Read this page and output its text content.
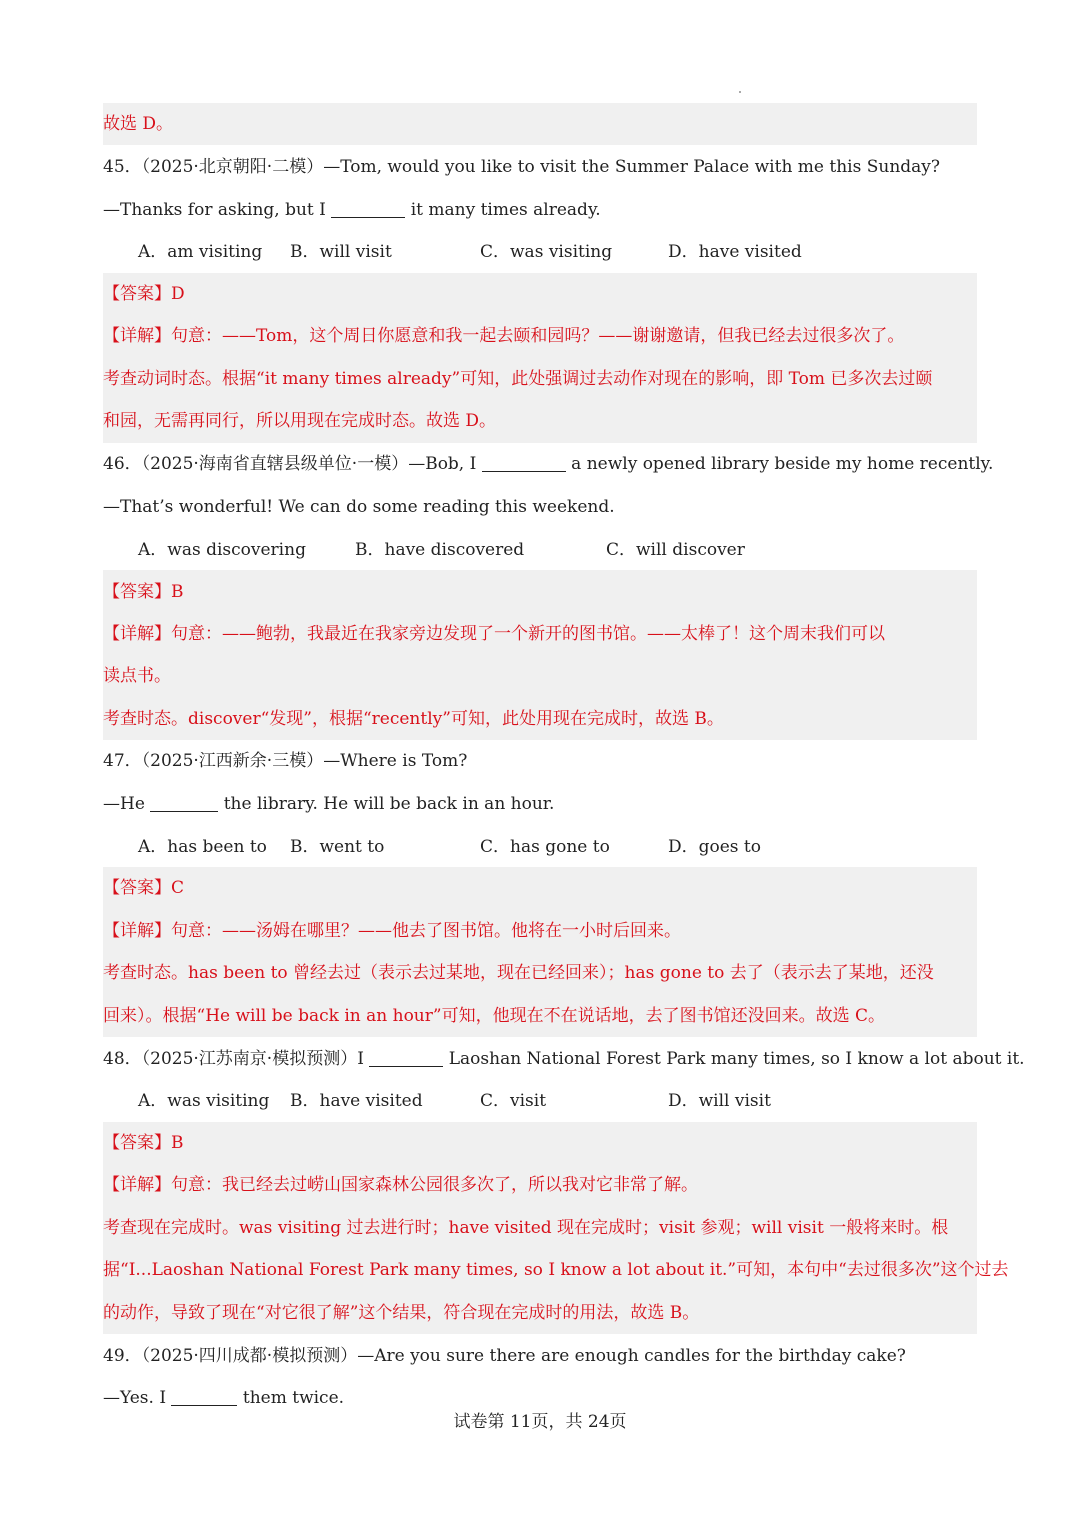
故选 D。
45．（2025·北京朝阳·二模）—Tom, would you like to visit the Summer Palace with me this Sunday?
—Thanks for asking, but I	it many times already.
A．am visiting B．will visit	C．was visiting	D．have visited
【答案】D
【详解】句意：——Tom，这个周日你愿意和我一起去颐和园吗？——谢谢邀请，但我已经去过很多次了。
考查动词时态。根据“it many times already”可知，此处强调过去动作对现在的影响，即 Tom 已多次去过颐
和园，无需再同行，所以用现在完成时态。故选 D。
46．（2025·海南省直辖县级单位·一模）—Bob, I	a newly opened library beside my home recently.
—That’s wonderful! We can do some reading this weekend.
A．was discovering	B．have discovered	C．will discover
【答案】B
【详解】句意：——鲍勃，我最近在我家旁边发现了一个新开的图书馆。——太棒了！这个周末我们可以
读点书。
考查时态。discover“发现”，根据“recently”可知，此处用现在完成时，故选 B。
47．（2025·江西新余·三模）—Where is Tom?
—He	the library. He will be back in an hour.
A．has been to B．went to	C．has gone to	D．goes to
【答案】C
【详解】句意：——汤姆在哪里？——他去了图书馆。他将在一小时后回来。
考查时态。has been to 曾经去过（表示去过某地，现在已经回来）；has gone to 去了（表示去了某地，还没
回来）。根据“He will be back in an hour”可知，他现在不在说话地，去了图书馆还没回来。故选 C。
48．（2025·江苏南京·模拟预测）I	Laoshan National Forest Park many times, so I know a lot about it.
A．was visiting B．have visited	C．visit	D．will visit
【答案】B
【详解】句意：我已经去过崂山国家森林公园很多次了，所以我对它非常了解。
考查现在完成时。was visiting 过去进行时；have visited 现在完成时；visit 参观；will visit 一般将来时。根
据“I...Laoshan National Forest Park many times, so I know a lot about it.”可知，本句中“去过很多次”这个过去
的动作，导致了现在“对它很了解”这个结果，符合现在完成时的用法，故选 B。
49．（2025·四川成都·模拟预测）—Are you sure there are enough candles for the birthday cake?
—Yes. I	them twice.
试卷第 11页，共 24页
